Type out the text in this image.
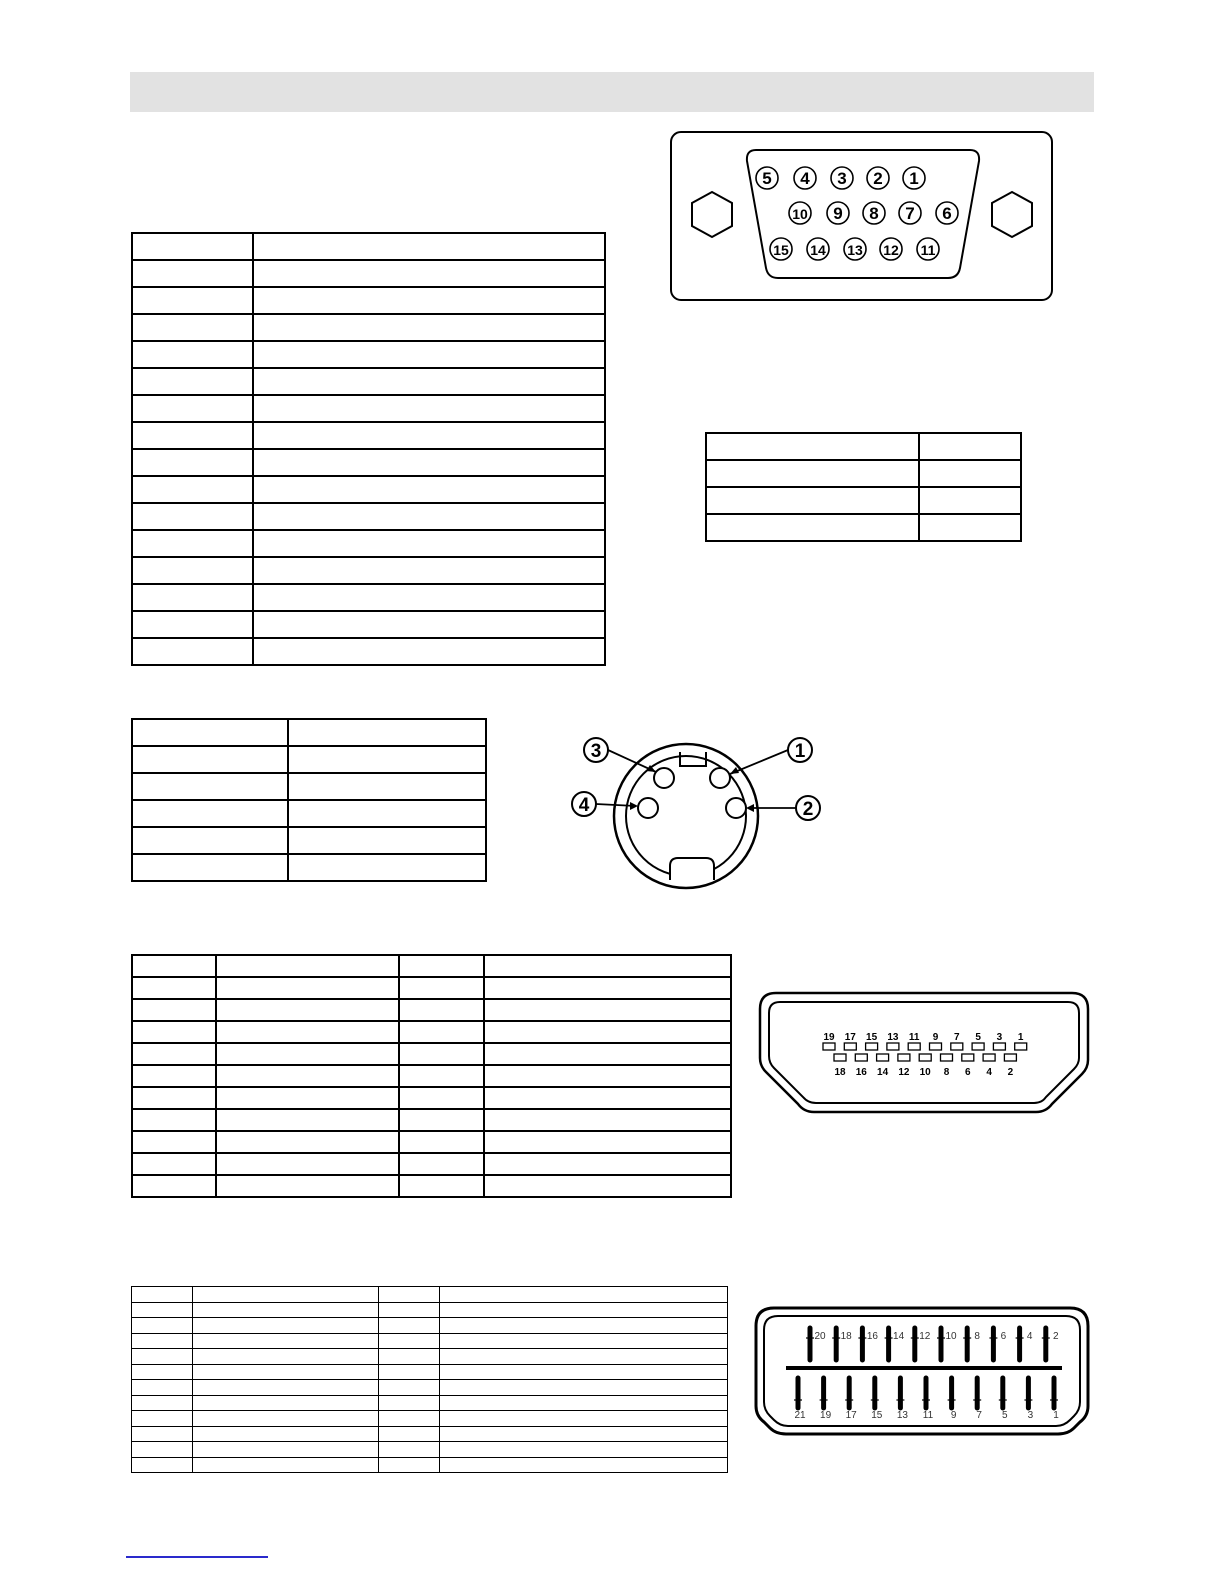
5 4 3 2 1
10 9 8 7 6
15 14 13 12 11

3	1
4	2

19 17 15 13 11 9 7 5 3 1
18 16 14 12 10 8 6 4 2

20 18 16 14 12 10 8 6 4 2
21 19 17 15 13 11 9 7 5 3 1
